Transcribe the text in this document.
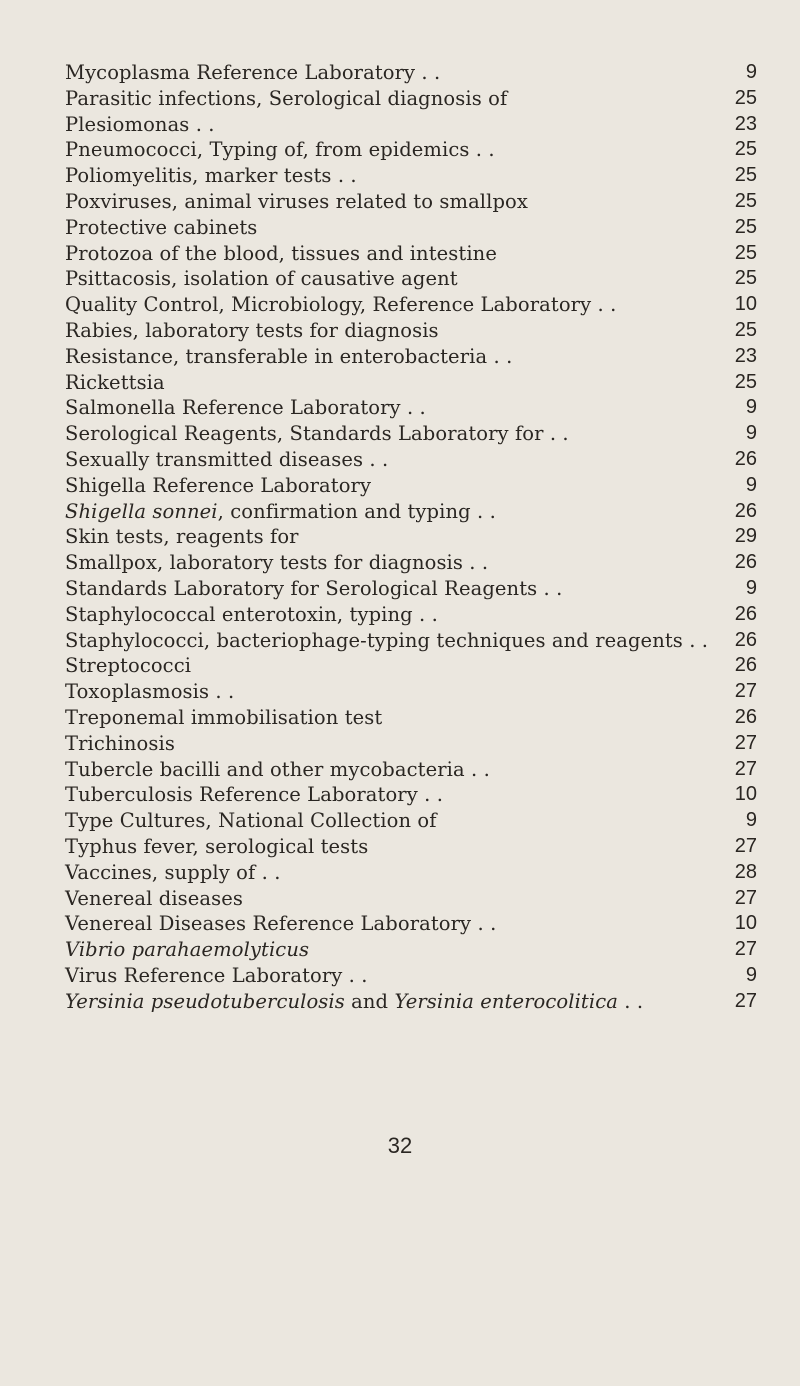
Mycoplasma Reference Laboratory . .	9
Parasitic infections, Serological diagnosis of	25
Plesiomonas . .	23
Pneumococci, Typing of, from epidemics . .	25
Poliomyelitis, marker tests . .	25
Poxviruses, animal viruses related to smallpox	25
Protective cabinets	25
Protozoa of the blood, tissues and intestine	25
Psittacosis, isolation of causative agent	25
Quality Control, Microbiology, Reference Laboratory . .	10
Rabies, laboratory tests for diagnosis	25
Resistance, transferable in enterobacteria . .	23
Rickettsia	25
Salmonella Reference Laboratory . .	9
Serological Reagents, Standards Laboratory for . .	9
Sexually transmitted diseases . .	26
Shigella Reference Laboratory	9
Shigella sonnei, confirmation and typing . .	26
Skin tests, reagents for	29
Smallpox, laboratory tests for diagnosis . .	26
Standards Laboratory for Serological Reagents . .	9
Staphylococcal enterotoxin, typing . .	26
Staphylococci, bacteriophage-typing techniques and reagents . . 26
Streptococci	26
Toxoplasmosis . .	27
Treponemal immobilisation test	26
Trichinosis	27
Tubercle bacilli and other mycobacteria . .	27
Tuberculosis Reference Laboratory . .	10
Type Cultures, National Collection of	9
Typhus fever, serological tests	27
Vaccines, supply of . .	28
Venereal diseases	27
Venereal Diseases Reference Laboratory . .	10
Vibrio parahaemolyticus	27
Virus Reference Laboratory . .	9
Yersinia pseudotuberculosis and Yersinia enterocolitica . .	27
32
